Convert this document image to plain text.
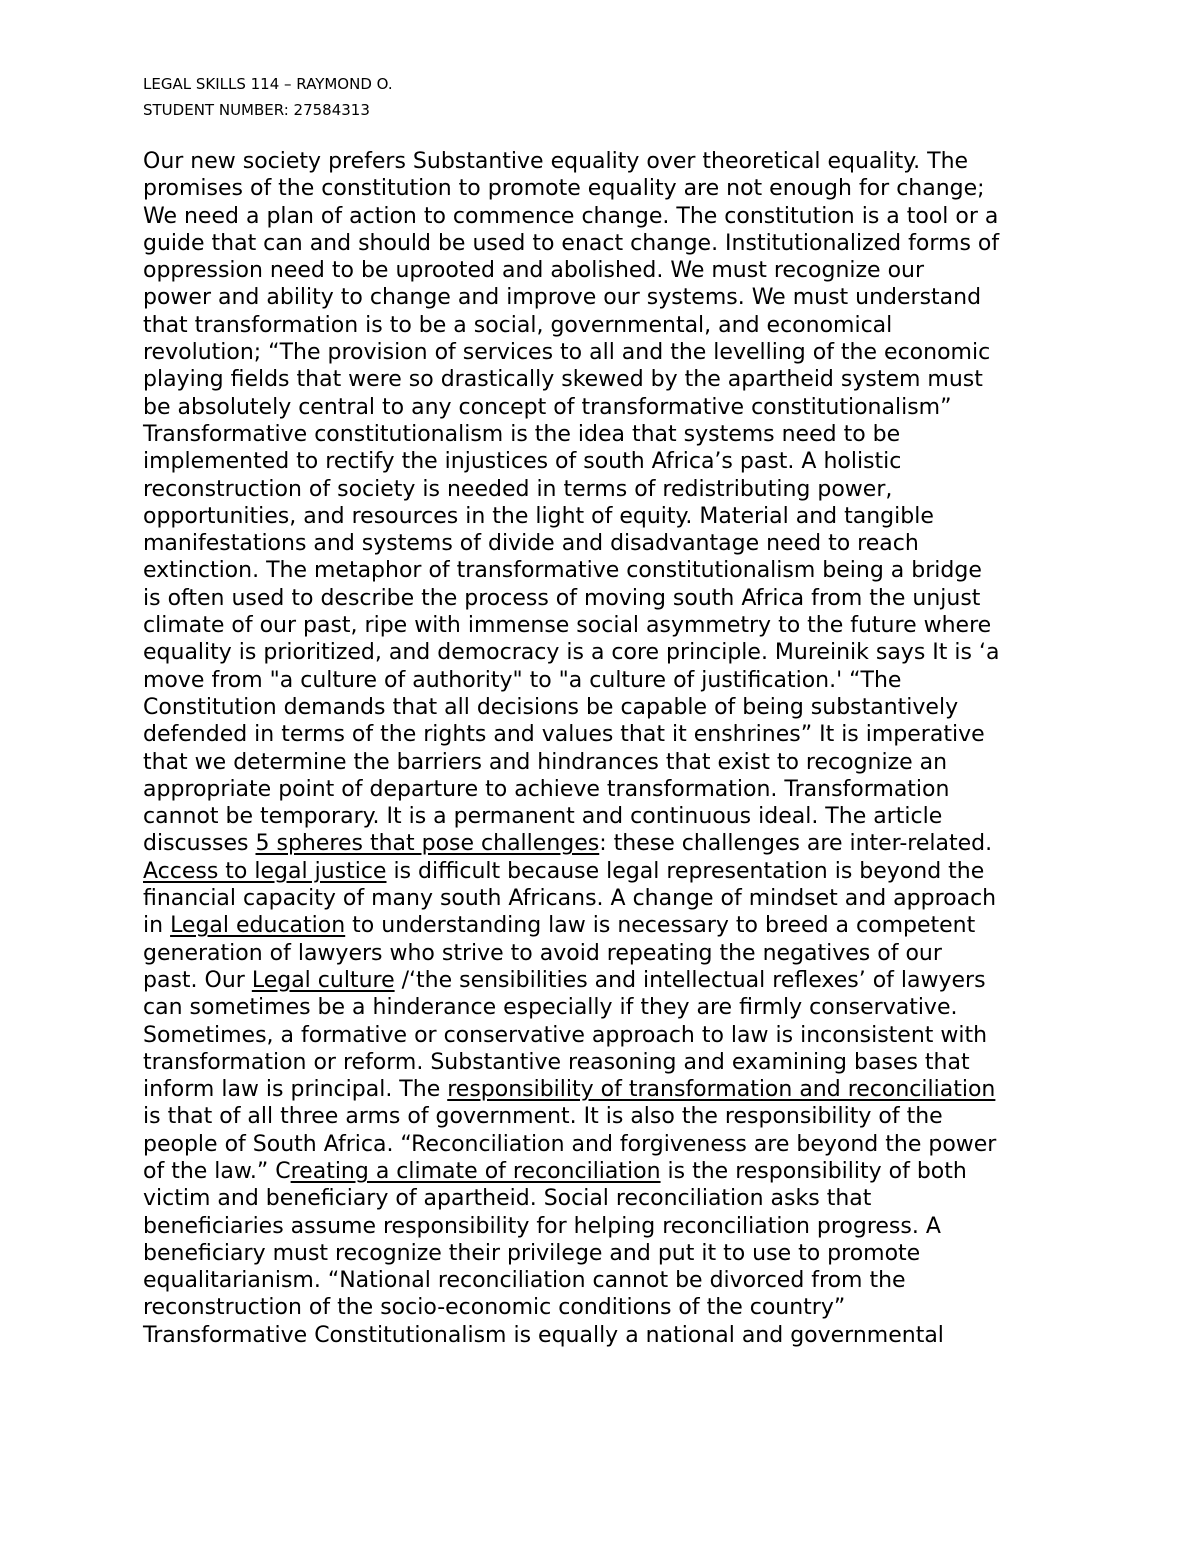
LEGAL SKILLS 114 – RAYMOND O.
STUDENT NUMBER: 27584313
Our new society prefers Substantive equality over theoretical equality. The
promises of the constitution to promote equality are not enough for change;
We need a plan of action to commence change. The constitution is a tool or a
guide that can and should be used to enact change. Institutionalized forms of
oppression need to be uprooted and abolished. We must recognize our
power and ability to change and improve our systems. We must understand
that transformation is to be a social, governmental, and economical
revolution; “The provision of services to all and the levelling of the economic
playing fields that were so drastically skewed by the apartheid system must
be absolutely central to any concept of transformative constitutionalism”
Transformative constitutionalism is the idea that systems need to be
implemented to rectify the injustices of south Africa’s past. A holistic
reconstruction of society is needed in terms of redistributing power,
opportunities, and resources in the light of equity. Material and tangible
manifestations and systems of divide and disadvantage need to reach
extinction. The metaphor of transformative constitutionalism being a bridge
is often used to describe the process of moving south Africa from the unjust
climate of our past, ripe with immense social asymmetry to the future where
equality is prioritized, and democracy is a core principle. Mureinik says It is ‘a
move from "a culture of authority" to "a culture of justification.' “The
Constitution demands that all decisions be capable of being substantively
defended in terms of the rights and values that it enshrines” It is imperative
that we determine the barriers and hindrances that exist to recognize an
appropriate point of departure to achieve transformation. Transformation
cannot be temporary. It is a permanent and continuous ideal. The article
discusses 5 spheres that pose challenges: these challenges are inter-related.
Access to legal justice is difficult because legal representation is beyond the
financial capacity of many south Africans. A change of mindset and approach
in Legal education to understanding law is necessary to breed a competent
generation of lawyers who strive to avoid repeating the negatives of our
past. Our Legal culture /‘the sensibilities and intellectual reflexes’ of lawyers
can sometimes be a hinderance especially if they are firmly conservative.
Sometimes, a formative or conservative approach to law is inconsistent with
transformation or reform. Substantive reasoning and examining bases that
inform law is principal. The responsibility of transformation and reconciliation
is that of all three arms of government. It is also the responsibility of the
people of South Africa. “Reconciliation and forgiveness are beyond the power
of the law.” Creating a climate of reconciliation is the responsibility of both
victim and beneficiary of apartheid. Social reconciliation asks that
beneficiaries assume responsibility for helping reconciliation progress. A
beneficiary must recognize their privilege and put it to use to promote
equalitarianism. “National reconciliation cannot be divorced from the
reconstruction of the socio-economic conditions of the country”
Transformative Constitutionalism is equally a national and governmental
